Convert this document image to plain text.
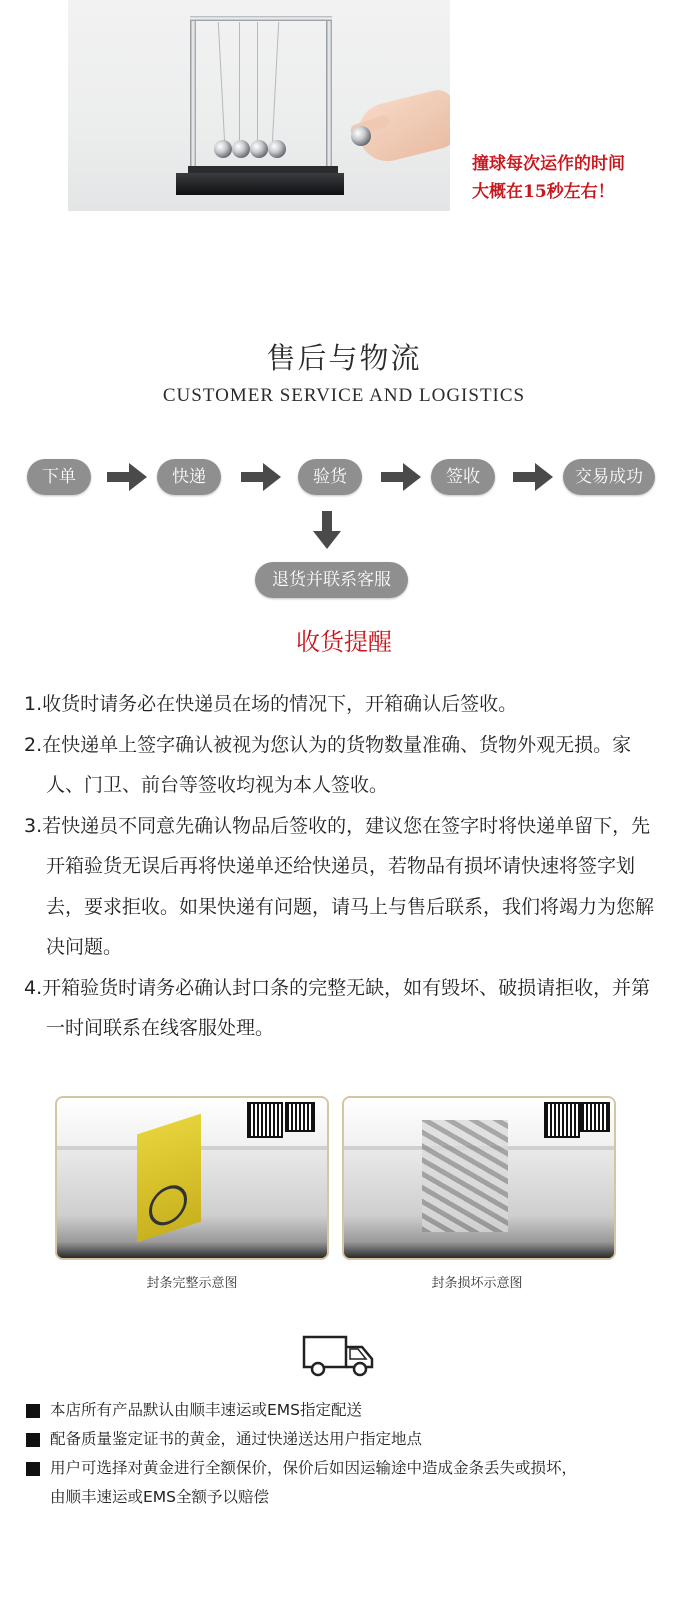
撞球每次运作的时间
大概在15秒左右！
售后与物流
CUSTOMER SERVICE AND LOGISTICS
下单	快递	验货	签收	交易成功
退货并联系客服
收货提醒
1.收货时请务必在快递员在场的情况下，开箱确认后签收。
2.在快递单上签字确认被视为您认为的货物数量准确、货物外观无损。家人、门卫、前台等签收均视为本人签收。
3.若快递员不同意先确认物品后签收的，建议您在签字时将快递单留下，先开箱验货无误后再将快递单还给快递员，若物品有损坏请快速将签字划去，要求拒收。如果快递有问题，请马上与售后联系，我们将竭力为您解决问题。
4.开箱验货时请务必确认封口条的完整无缺，如有毁坏、破损请拒收，并第一时间联系在线客服处理。
封条完整示意图	封条损坏示意图
本店所有产品默认由顺丰速运或EMS指定配送
配备质量鉴定证书的黄金，通过快递送达用户指定地点
用户可选择对黄金进行全额保价，保价后如因运输途中造成金条丢失或损坏，
由顺丰速运或EMS全额予以赔偿
